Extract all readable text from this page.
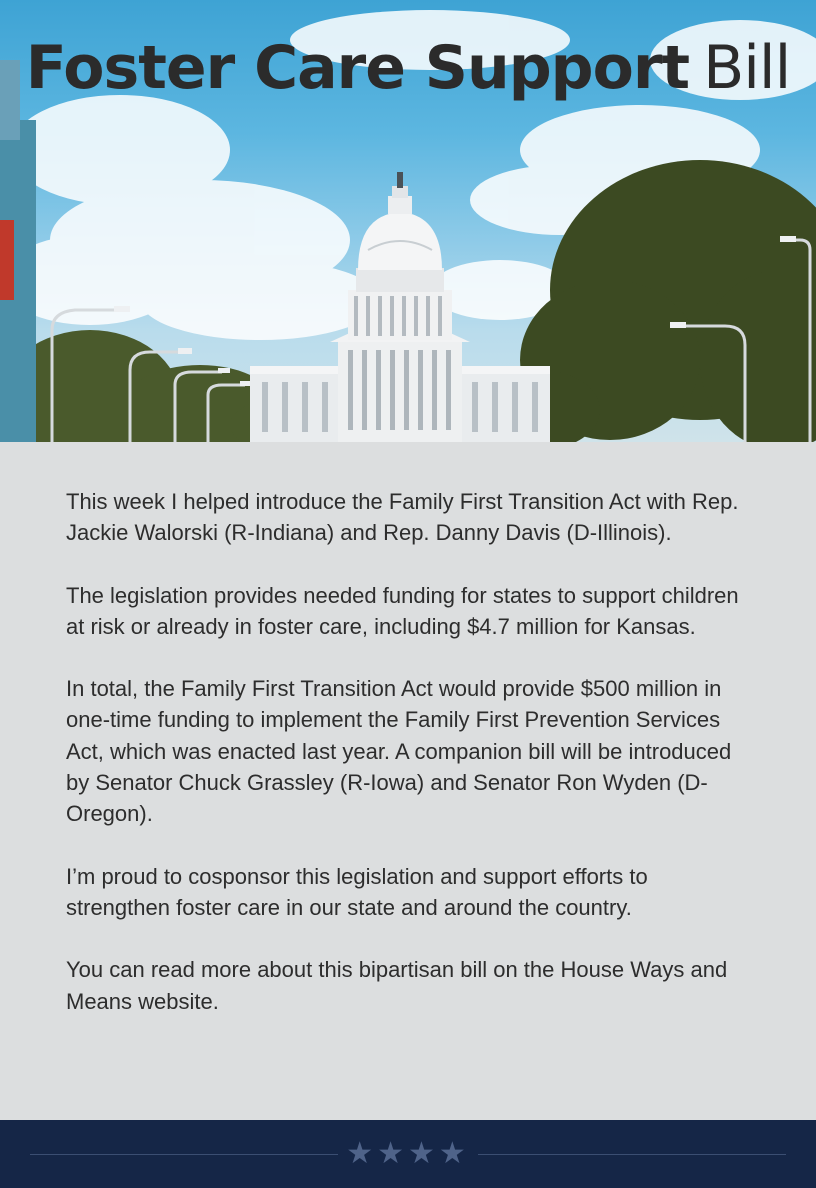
Foster Care Support Bill

This week I helped introduce the Family First Transition Act with Rep. Jackie Walorski (R-Indiana) and Rep. Danny Davis (D-Illinois).

The legislation provides needed funding for states to support children at risk or already in foster care, including $4.7 million for Kansas.

In total, the Family First Transition Act would provide $500 million in one-time funding to implement the Family First Prevention Services Act, which was enacted last year. A companion bill will be introduced by Senator Chuck Grassley (R-Iowa) and Senator Ron Wyden (D-Oregon).

I’m proud to cosponsor this legislation and support efforts to strengthen foster care in our state and around the country.

You can read more about this bipartisan bill on the House Ways and Means website.

★★★★
